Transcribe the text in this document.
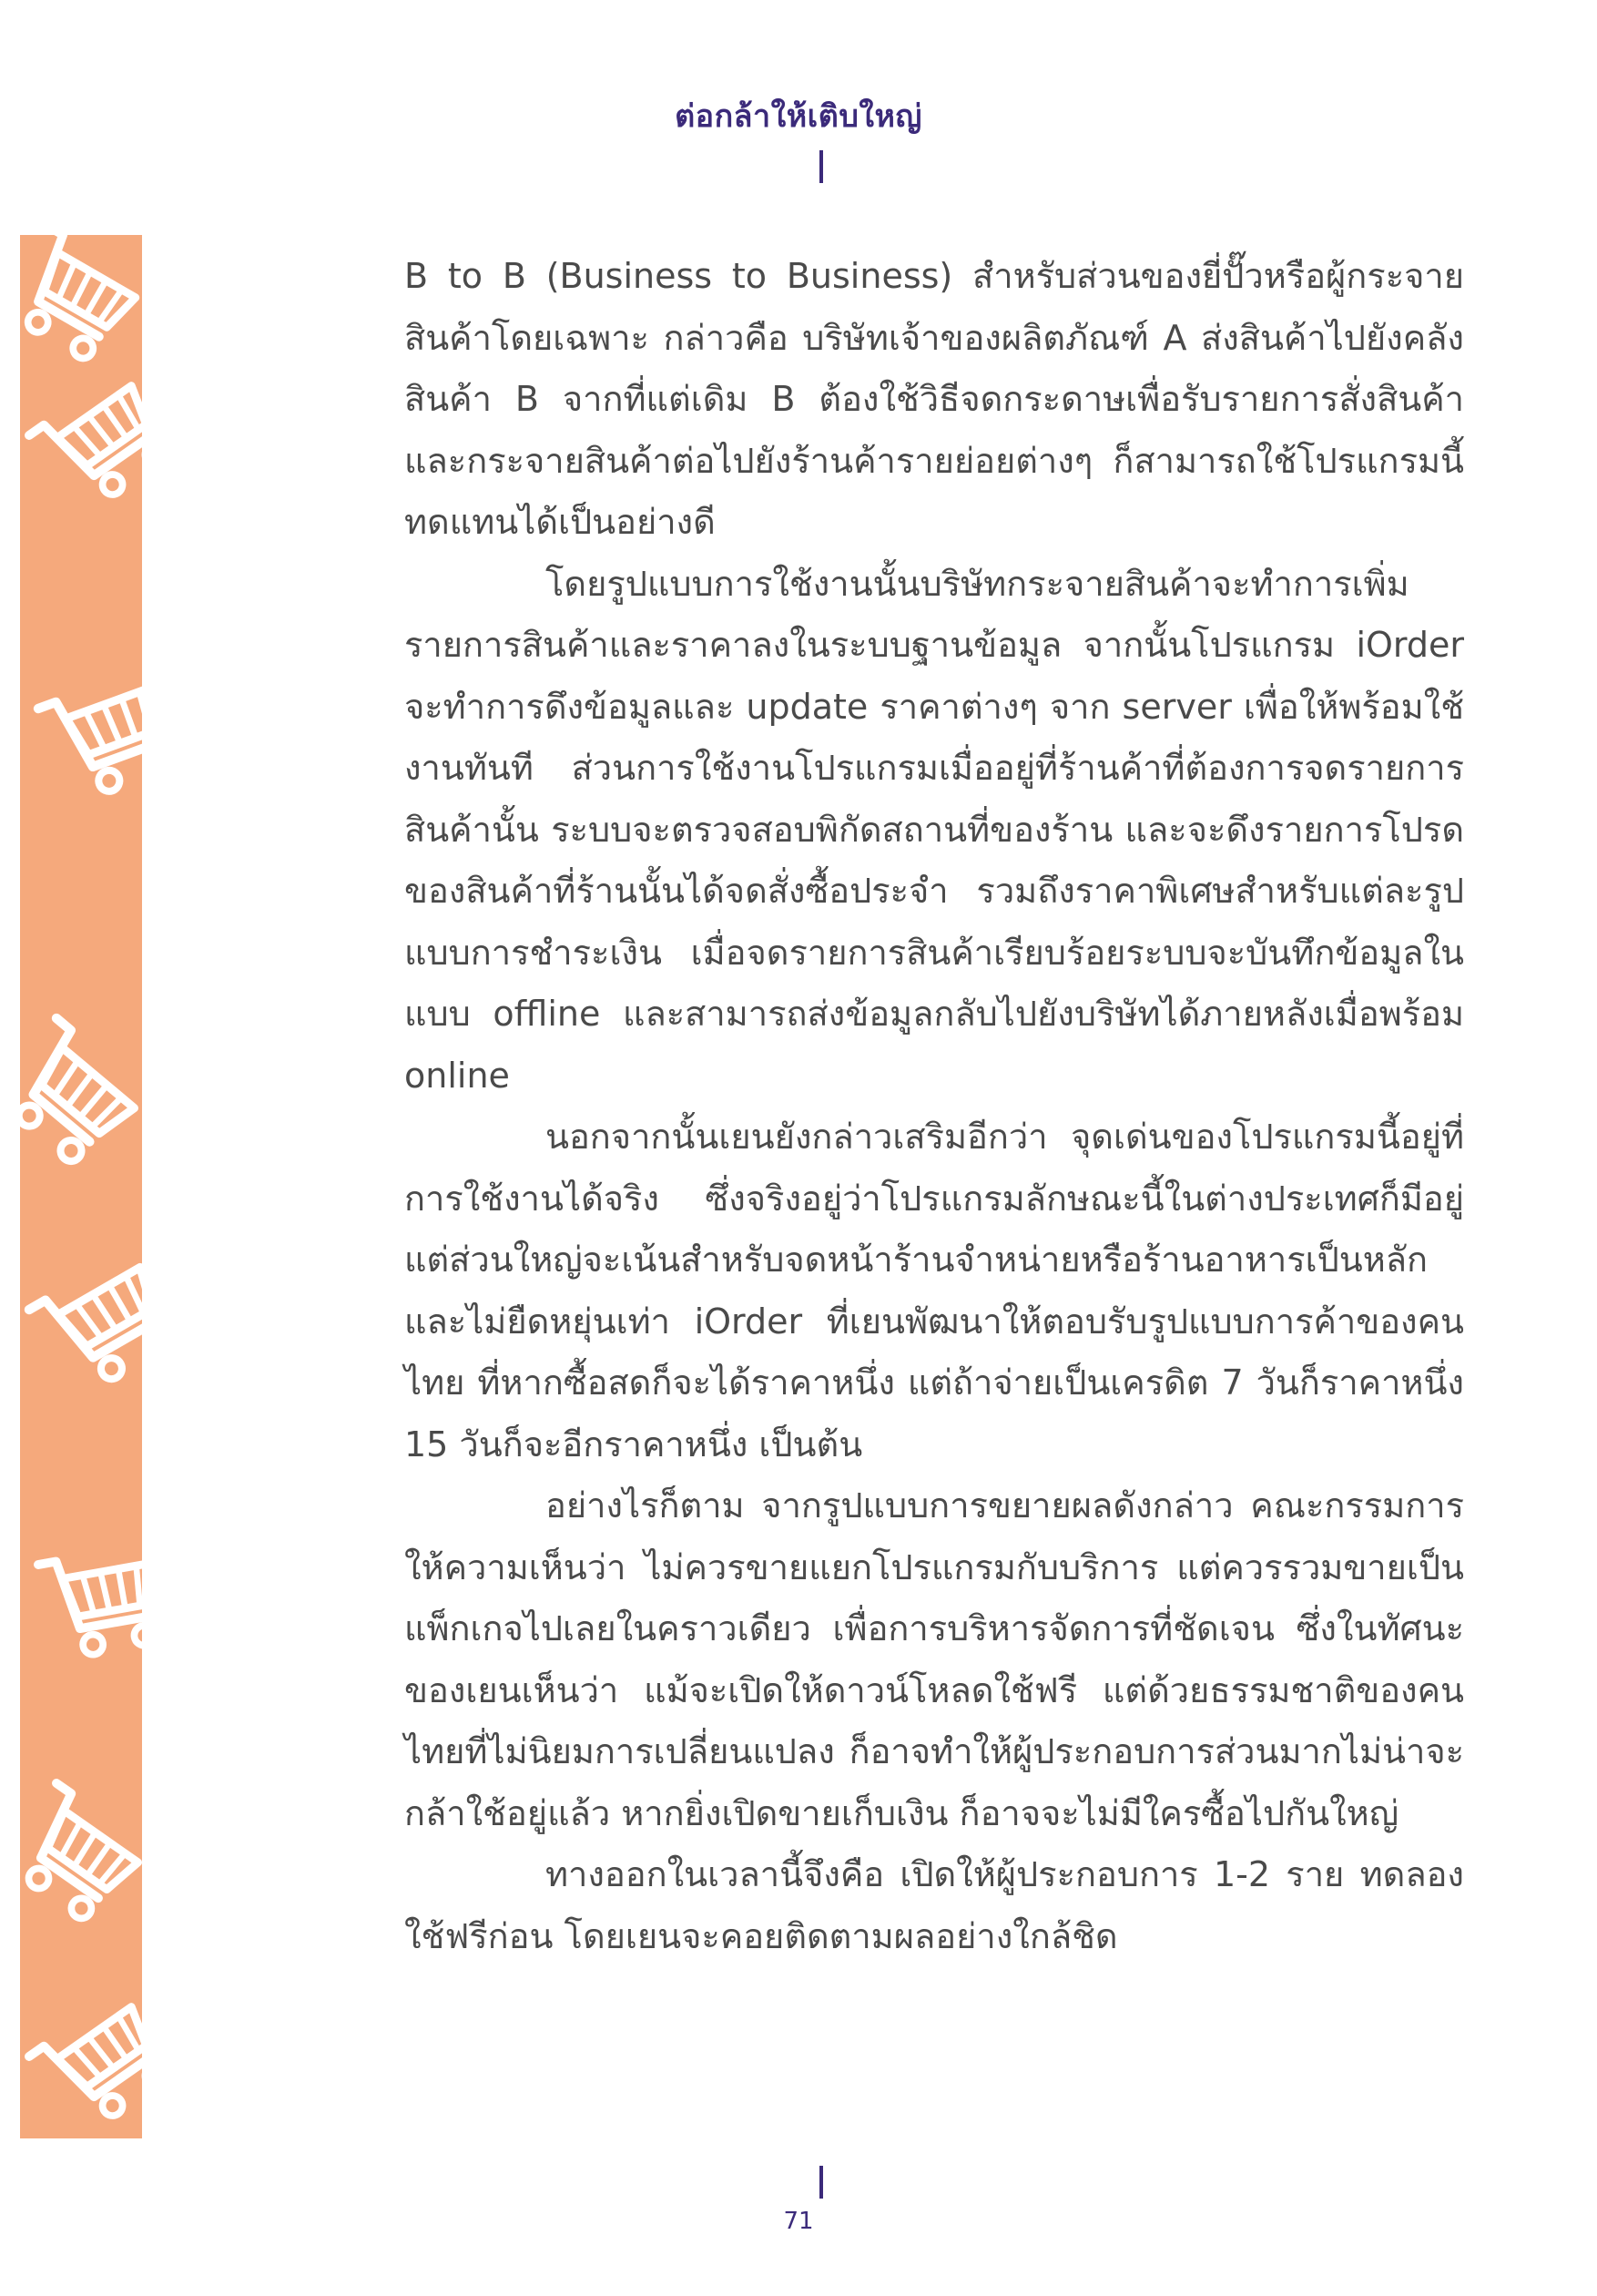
ต่อกล้าให้เติบใหญ่

B to B (Business to Business) สำหรับส่วนของยี่ปั๊วหรือผู้กระจายสินค้าโดยเฉพาะ กล่าวคือ บริษัทเจ้าของผลิตภัณฑ์ A ส่งสินค้าไปยังคลังสินค้า B จากที่แต่เดิม B ต้องใช้วิธีจดกระดาษเพื่อรับรายการสั่งสินค้าและกระจายสินค้าต่อไปยังร้านค้ารายย่อยต่างๆ ก็สามารถใช้โปรแกรมนี้ทดแทนได้เป็นอย่างดี

โดยรูปแบบการใช้งานนั้นบริษัทกระจายสินค้าจะทำการเพิ่มรายการสินค้าและราคาลงในระบบฐานข้อมูล จากนั้นโปรแกรม iOrder จะทำการดึงข้อมูลและ update ราคาต่างๆ จาก server เพื่อให้พร้อมใช้งานทันที ส่วนการใช้งานโปรแกรมเมื่ออยู่ที่ร้านค้าที่ต้องการจดรายการสินค้านั้น ระบบจะตรวจสอบพิกัดสถานที่ของร้าน และจะดึงรายการโปรดของสินค้าที่ร้านนั้นได้จดสั่งซื้อประจำ รวมถึงราคาพิเศษสำหรับแต่ละรูปแบบการชำระเงิน เมื่อจดรายการสินค้าเรียบร้อยระบบจะบันทึกข้อมูลในแบบ offline และสามารถส่งข้อมูลกลับไปยังบริษัทได้ภายหลังเมื่อพร้อม online

นอกจากนั้นเยนยังกล่าวเสริมอีกว่า จุดเด่นของโปรแกรมนี้อยู่ที่การใช้งานได้จริง ซึ่งจริงอยู่ว่าโปรแกรมลักษณะนี้ในต่างประเทศก็มีอยู่ แต่ส่วนใหญ่จะเน้นสำหรับจดหน้าร้านจำหน่ายหรือร้านอาหารเป็นหลัก และไม่ยืดหยุ่นเท่า iOrder ที่เยนพัฒนาให้ตอบรับรูปแบบการค้าของคนไทย ที่หากซื้อสดก็จะได้ราคาหนึ่ง แต่ถ้าจ่ายเป็นเครดิต 7 วันก็ราคาหนึ่ง 15 วันก็จะอีกราคาหนึ่ง เป็นต้น

อย่างไรก็ตาม จากรูปแบบการขยายผลดังกล่าว คณะกรรมการให้ความเห็นว่า ไม่ควรขายแยกโปรแกรมกับบริการ แต่ควรรวมขายเป็นแพ็กเกจไปเลยในคราวเดียว เพื่อการบริหารจัดการที่ชัดเจน ซึ่งในทัศนะของเยนเห็นว่า แม้จะเปิดให้ดาวน์โหลดใช้ฟรี แต่ด้วยธรรมชาติของคนไทยที่ไม่นิยมการเปลี่ยนแปลง ก็อาจทำให้ผู้ประกอบการส่วนมากไม่น่าจะกล้าใช้อยู่แล้ว หากยิ่งเปิดขายเก็บเงิน ก็อาจจะไม่มีใครซื้อไปกันใหญ่

ทางออกในเวลานี้จึงคือ เปิดให้ผู้ประกอบการ 1-2 ราย ทดลองใช้ฟรีก่อน โดยเยนจะคอยติดตามผลอย่างใกล้ชิด

71
